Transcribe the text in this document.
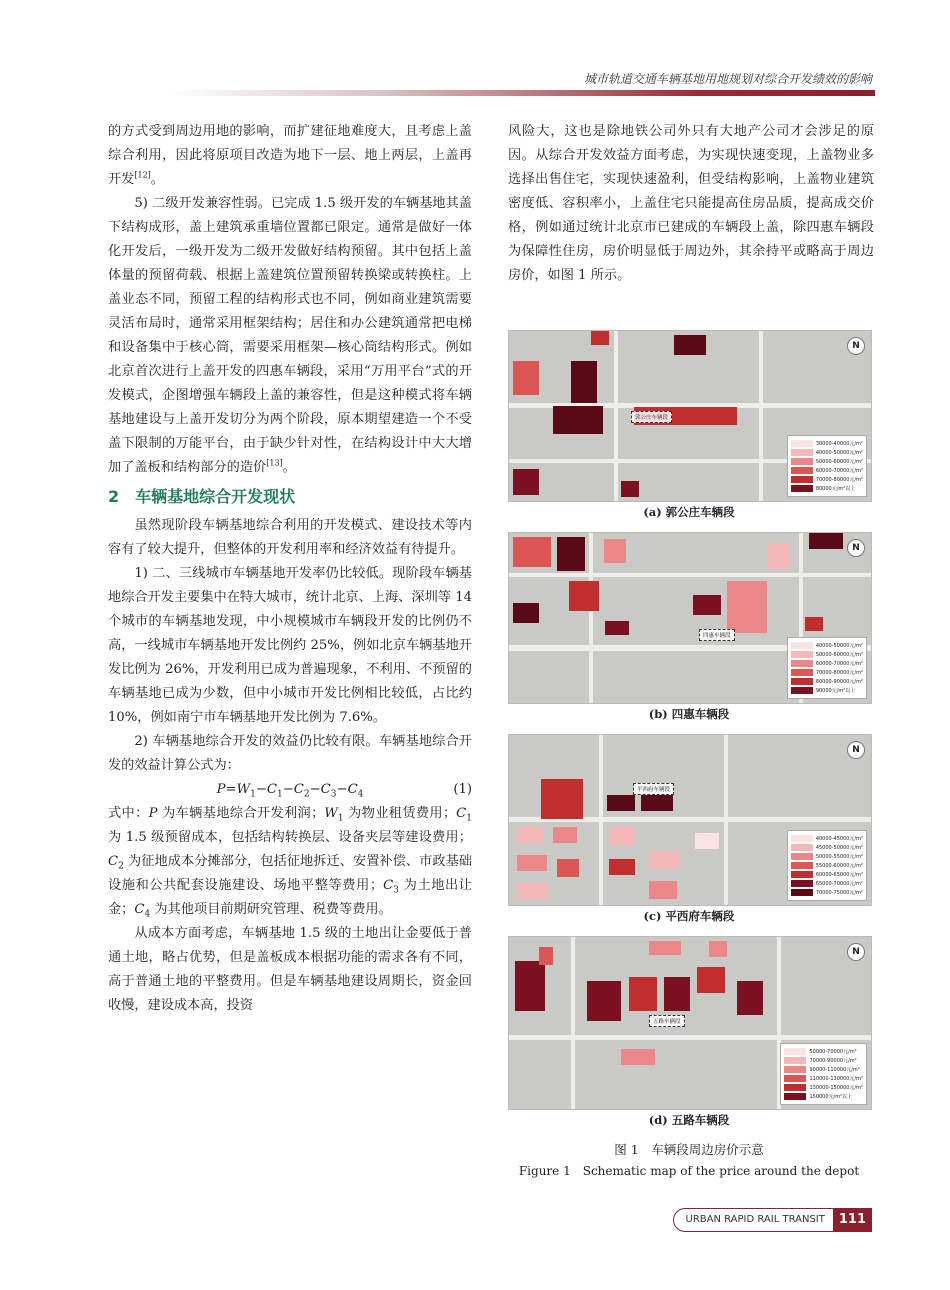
城市轨道交通车辆基地用地规划对综合开发绩效的影响

的方式受到周边用地的影响，而扩建征地难度大，且考虑上盖综合利用，因此将原项目改造为地下一层、地上两层，上盖再开发[12]。

5) 二级开发兼容性弱。已完成 1.5 级开发的车辆基地其盖下结构成形，盖上建筑承重墙位置都已限定。通常是做好一体化开发后，一级开发为二级开发做好结构预留。其中包括上盖体量的预留荷载、根据上盖建筑位置预留转换梁或转换柱。上盖业态不同，预留工程的结构形式也不同，例如商业建筑需要灵活布局时，通常采用框架结构；居住和办公建筑通常把电梯和设备集中于核心筒，需要采用框架—核心筒结构形式。例如北京首次进行上盖开发的四惠车辆段，采用“万用平台”式的开发模式，企图增强车辆段上盖的兼容性，但是这种模式将车辆基地建设与上盖开发切分为两个阶段，原本期望建造一个不受盖下限制的万能平台，由于缺少针对性，在结构设计中大大增加了盖板和结构部分的造价[13]。

2 车辆基地综合开发现状

虽然现阶段车辆基地综合利用的开发模式、建设技术等内容有了较大提升，但整体的开发利用率和经济效益有待提升。

1) 二、三线城市车辆基地开发率仍比较低。现阶段车辆基地综合开发主要集中在特大城市，统计北京、上海、深圳等 14 个城市的车辆基地发现，中小规模城市车辆段开发的比例仍不高，一线城市车辆基地开发比例约 25%，例如北京车辆基地开发比例为 26%，开发利用已成为普遍现象，不利用、不预留的车辆基地已成为少数，但中小城市开发比例相比较低，占比约 10%，例如南宁市车辆基地开发比例为 7.6%。

2) 车辆基地综合开发的效益仍比较有限。车辆基地综合开发的效益计算公式为：

$P=W_1-C_1-C_2-C_3-C_4$	(1)

式中：P 为车辆基地综合开发利润；$W_1$ 为物业租赁费用；$C_1$ 为 1.5 级预留成本，包括结构转换层、设备夹层等建设费用；$C_2$ 为征地成本分摊部分，包括征地拆迁、安置补偿、市政基础设施和公共配套设施建设、场地平整等费用；$C_3$ 为土地出让金；$C_4$ 为其他项目前期研究管理、税费等费用。

从成本方面考虑，车辆基地 1.5 级的土地出让金要低于普通土地，略占优势，但是盖板成本根据功能的需求各有不同，高于普通土地的平整费用。但是车辆基地建设周期长，资金回收慢，建设成本高，投资

风险大，这也是除地铁公司外只有大地产公司才会涉足的原因。从综合开发效益方面考虑，为实现快速变现，上盖物业多选择出售住宅，实现快速盈利，但受结构影响，上盖物业建筑密度低、容积率小，上盖住宅只能提高住房品质，提高成交价格，例如通过统计北京市已建成的车辆段上盖，除四惠车辆段为保障性住房，房价明显低于周边外，其余持平或略高于周边房价，如图 1 所示。

郭公庄车辆段
N
30000-40000元/m²
40000-50000元/m²
50000-60000元/m²
60000-70000元/m²
70000-80000元/m²
80000元/m²以上
(a) 郭公庄车辆段
四惠车辆段
N
40000-50000元/m²
50000-60000元/m²
60000-70000元/m²
70000-80000元/m²
80000-90000元/m²
90000元/m²以上
(b) 四惠车辆段
平西府车辆段
N
40000-45000元/m²
45000-50000元/m²
50000-55000元/m²
55000-60000元/m²
60000-65000元/m²
65000-70000元/m²
70000-75000元/m²
(c) 平西府车辆段
五路车辆段
N
50000-70000元/m²
70000-90000元/m²
90000-110000元/m²
110000-130000元/m²
130000-150000元/m²
150000元/m²以上
(d) 五路车辆段
图 1　车辆段周边房价示意
Figure 1　Schematic map of the price around the depot
URBAN RAPID RAIL TRANSIT	111
